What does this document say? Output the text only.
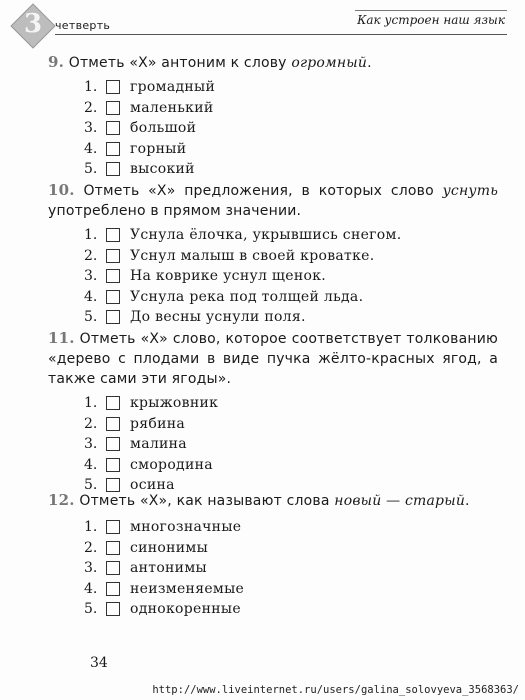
3	четверть	Как устроен наш язык

9. Отметь «Х» антоним к слову огромный.

1.	громадный
2.	маленький
3.	большой
4.	горный
5.	высокий

10. Отметь «Х» предложения, в которых слово уснуть употреблено в прямом значении.

1.	Уснула ёлочка, укрывшись снегом.
2.	Уснул малыш в своей кроватке.
3.	На коврике уснул щенок.
4.	Уснула река под толщей льда.
5.	До весны уснули поля.

11. Отметь «Х» слово, которое соответствует толкованию «дерево с плодами в виде пучка жёлто-красных ягод, а также сами эти ягоды».

1.	крыжовник
2.	рябина
3.	малина
4.	смородина
5.	осина

12. Отметь «Х», как называют слова новый — старый.

1.	многозначные
2.	синонимы
3.	антонимы
4.	неизменяемые
5.	однокоренные
34
http://www.liveinternet.ru/users/galina_solovyeva_3568363/
